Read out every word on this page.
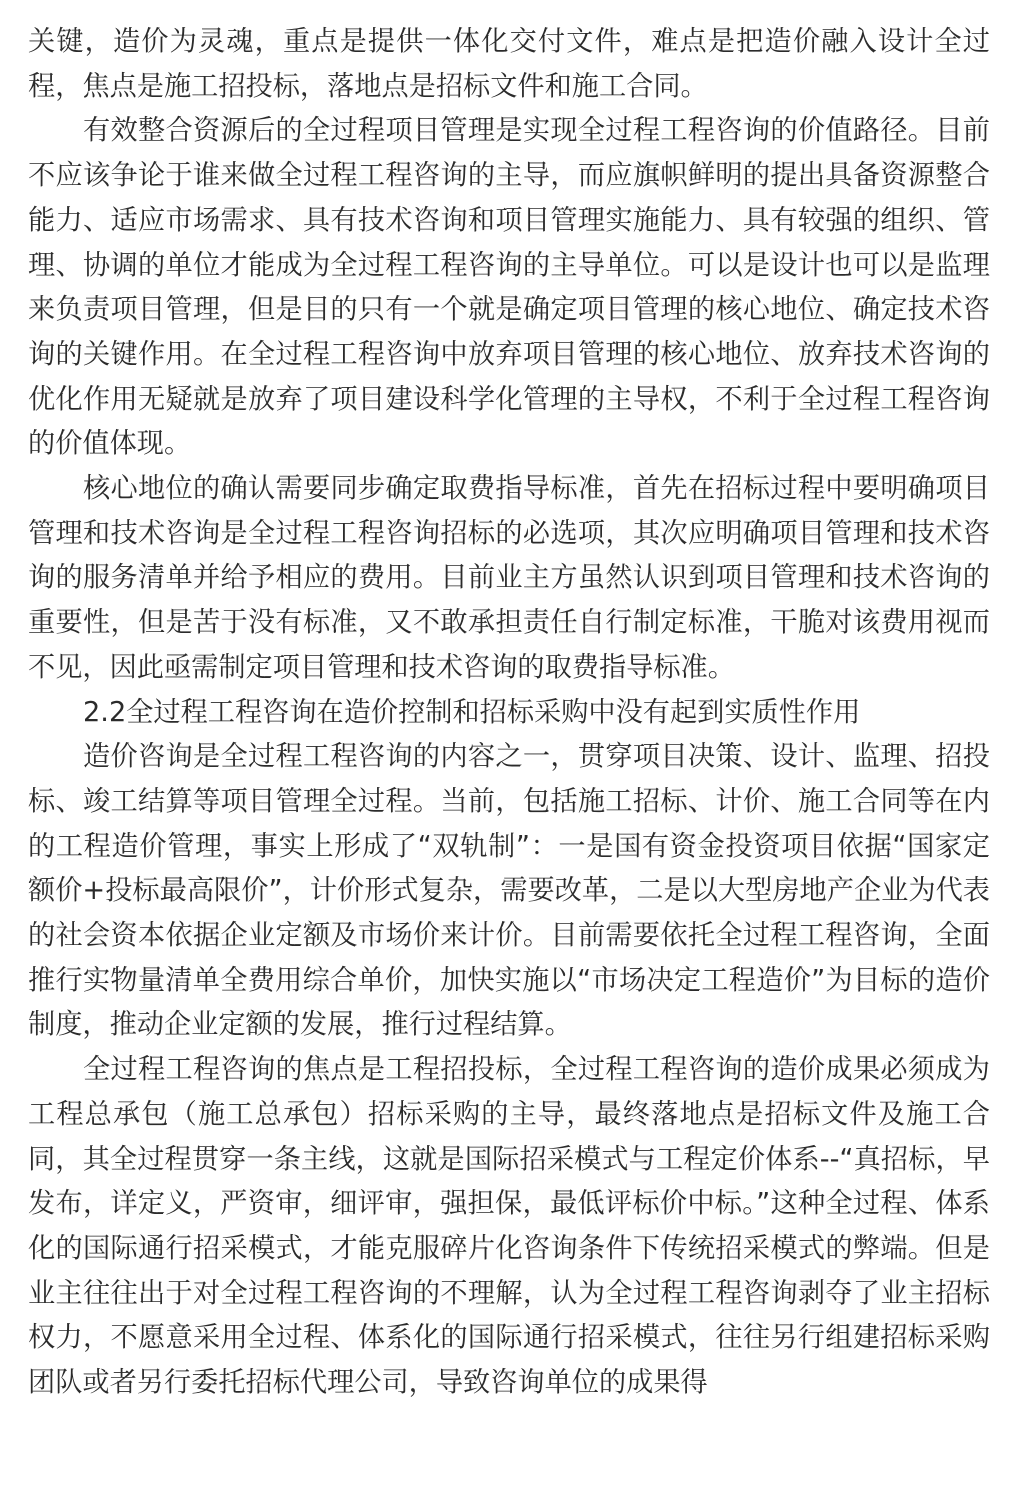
关键，造价为灵魂，重点是提供一体化交付文件，难点是把造价融入设计全过程，焦点是施工招投标，落地点是招标文件和施工合同。

有效整合资源后的全过程项目管理是实现全过程工程咨询的价值路径。目前不应该争论于谁来做全过程工程咨询的主导，而应旗帜鲜明的提出具备资源整合能力、适应市场需求、具有技术咨询和项目管理实施能力、具有较强的组织、管理、协调的单位才能成为全过程工程咨询的主导单位。可以是设计也可以是监理来负责项目管理，但是目的只有一个就是确定项目管理的核心地位、确定技术咨询的关键作用。在全过程工程咨询中放弃项目管理的核心地位、放弃技术咨询的优化作用无疑就是放弃了项目建设科学化管理的主导权，不利于全过程工程咨询的价值体现。

核心地位的确认需要同步确定取费指导标准，首先在招标过程中要明确项目管理和技术咨询是全过程工程咨询招标的必选项，其次应明确项目管理和技术咨询的服务清单并给予相应的费用。目前业主方虽然认识到项目管理和技术咨询的重要性，但是苦于没有标准，又不敢承担责任自行制定标准，干脆对该费用视而不见，因此亟需制定项目管理和技术咨询的取费指导标准。

2.2全过程工程咨询在造价控制和招标采购中没有起到实质性作用

造价咨询是全过程工程咨询的内容之一，贯穿项目决策、设计、监理、招投标、竣工结算等项目管理全过程。当前，包括施工招标、计价、施工合同等在内的工程造价管理，事实上形成了“双轨制”：一是国有资金投资项目依据“国家定额价+投标最高限价”，计价形式复杂，需要改革，二是以大型房地产企业为代表的社会资本依据企业定额及市场价来计价。目前需要依托全过程工程咨询，全面推行实物量清单全费用综合单价，加快实施以“市场决定工程造价”为目标的造价制度，推动企业定额的发展，推行过程结算。

全过程工程咨询的焦点是工程招投标，全过程工程咨询的造价成果必须成为工程总承包（施工总承包）招标采购的主导，最终落地点是招标文件及施工合同，其全过程贯穿一条主线，这就是国际招采模式与工程定价体系--“真招标，早发布，详定义，严资审，细评审，强担保，最低评标价中标。”这种全过程、体系化的国际通行招采模式，才能克服碎片化咨询条件下传统招采模式的弊端。但是业主往往出于对全过程工程咨询的不理解，认为全过程工程咨询剥夺了业主招标权力，不愿意采用全过程、体系化的国际通行招采模式，往往另行组建招标采购团队或者另行委托招标代理公司，导致咨询单位的成果得
